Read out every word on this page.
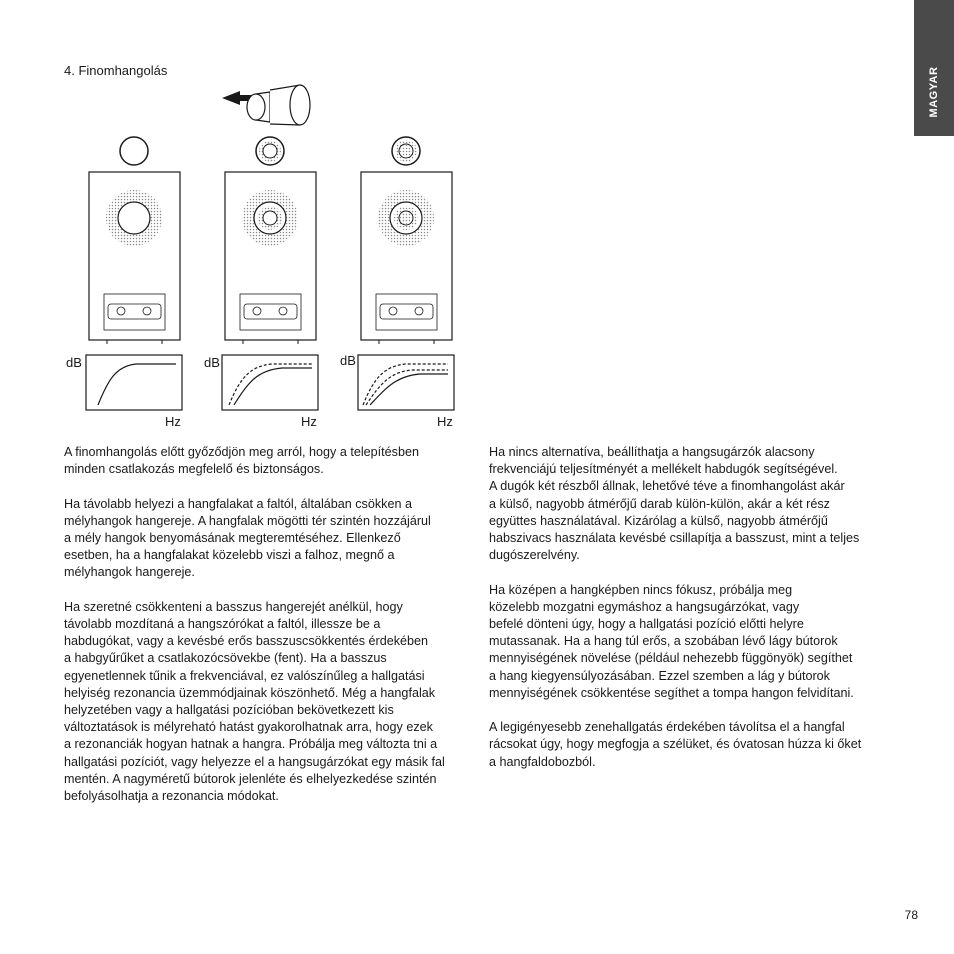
MAGYAR
4. Finomhangolás
dB
Hz
dB
Hz
dB
Hz

A finomhangolás előtt győződjön meg arról, hogy a telepítésben
minden csatlakozás megfelelő és biztonságos.

Ha távolabb helyezi a hangfalakat a faltól, általában csökken a
mélyhangok hangereje. A hangfalak mögötti tér szintén hozzájárul
a mély hangok benyomásának megteremtéséhez. Ellenkező
esetben, ha a hangfalakat közelebb viszi a falhoz, megnő a
mélyhangok hangereje.

Ha szeretné csökkenteni a basszus hangerejét anélkül, hogy
távolabb mozdítaná a hangszórókat a faltól, illessze be a
habdugókat, vagy a kevésbé erős basszuscsökkentés érdekében
a habgyűrűket a csatlakozócsövekbe (fent). Ha a basszus
egyenetlennek tűnik a frekvenciával, ez valószínűleg a hallgatási
helyiség rezonancia üzemmódjainak köszönhető. Még a hangfalak
helyzetében vagy a hallgatási pozícióban bekövetkezett kis
változtatások is mélyreható hatást gyakorolhatnak arra, hogy ezek
a rezonanciák hogyan hatnak a hangra. Próbálja meg változta tni a
hallgatási pozíciót, vagy helyezze el a hangsugárzókat egy másik fal
mentén. A nagyméretű bútorok jelenléte és elhelyezkedése szintén
befolyásolhatja a rezonancia módokat.

Ha nincs alternatíva, beállíthatja a hangsugárzók alacsony
frekvenciájú teljesítményét a mellékelt habdugók segítségével.
A dugók két részből állnak, lehetővé téve a finomhangolást akár
a külső, nagyobb átmérőjű darab külön-külön, akár a két rész
együttes használatával. Kizárólag a külső, nagyobb átmérőjű
habszivacs használata kevésbé csillapítja a basszust, mint a teljes
dugószerelvény.

Ha középen a hangképben nincs fókusz, próbálja meg
közelebb mozgatni egymáshoz a hangsugárzókat, vagy
befelé dönteni úgy, hogy a hallgatási pozíció előtti helyre
mutassanak. Ha a hang túl erős, a szobában lévő lágy bútorok
mennyiségének növelése (például nehezebb függönyök) segíthet
a hang kiegyensúlyozásában. Ezzel szemben a lág y bútorok
mennyiségének csökkentése segíthet a tompa hangon felvidítani.

A legigényesebb zenehallgatás érdekében távolítsa el a hangfal
rácsokat úgy, hogy megfogja a szélüket, és óvatosan húzza ki őket
a hangfaldobozból.

78
